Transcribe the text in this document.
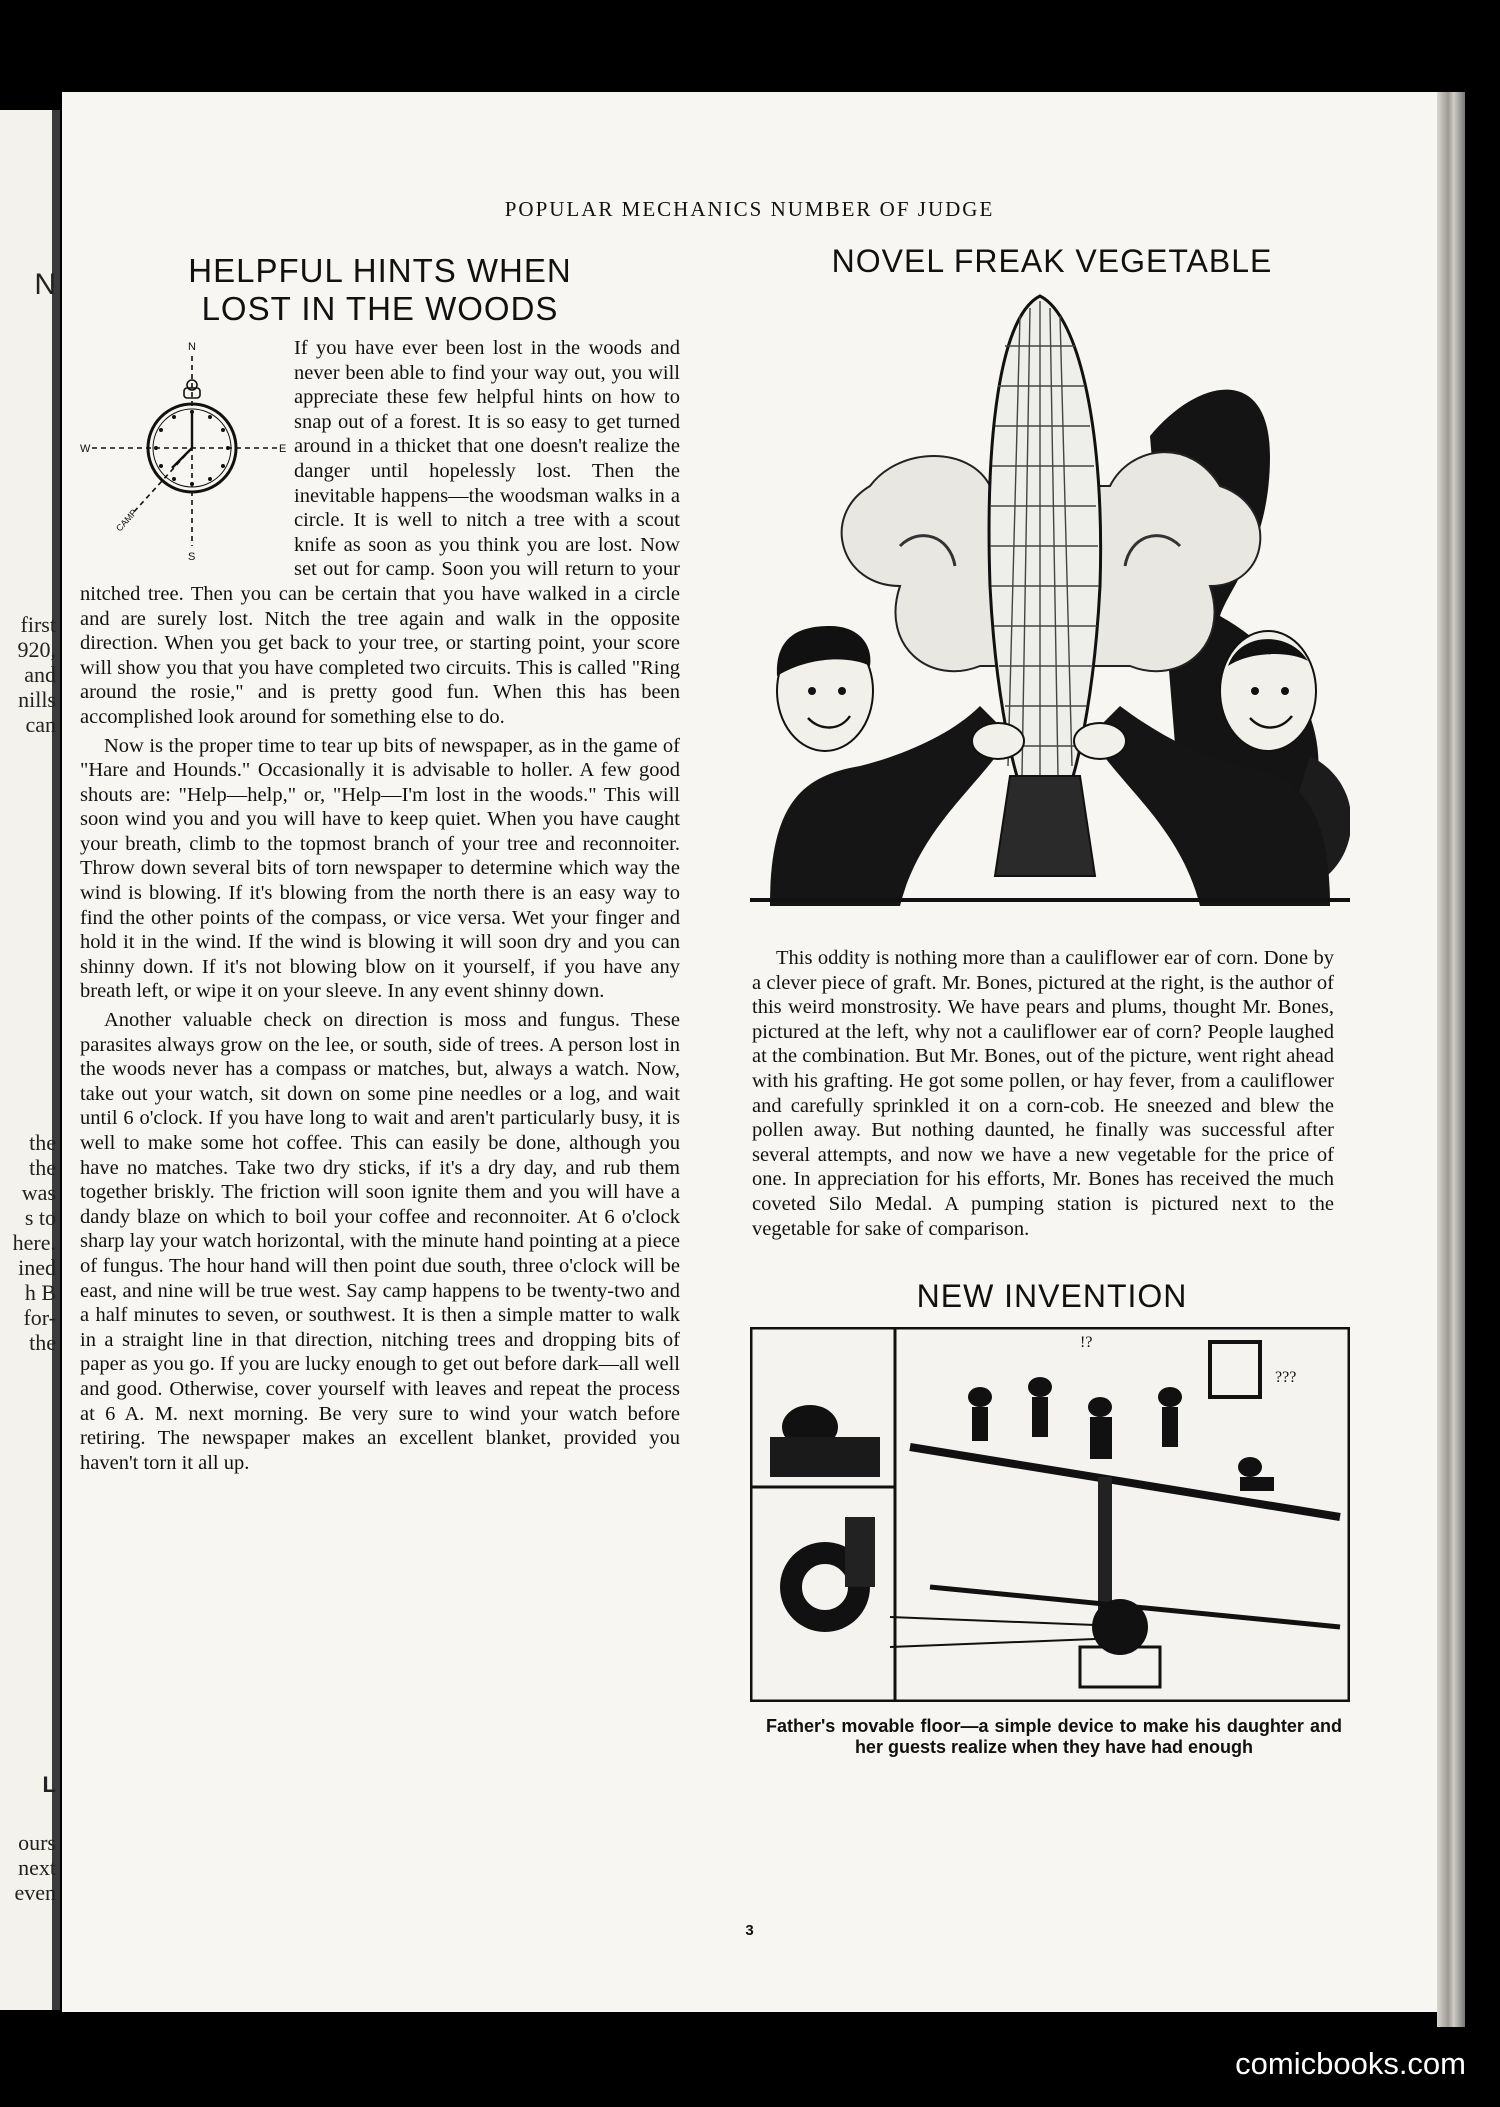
N
first
920,
and
nills
can
the
the
was
s to
here.
ined
h B
for-
the
L
ours
next
even
POPULAR MECHANICS NUMBER OF JUDGE
HELPFUL HINTS WHEN
LOST IN THE WOODS
N
S
W	E
CAMP

If you have ever been lost in the woods and never been able to find your way out, you will appreciate these few helpful hints on how to snap out of a forest. It is so easy to get turned around in a thicket that one doesn't realize the danger until hopelessly lost. Then the inevitable happens—the woodsman walks in a circle. It is well to nitch a tree with a scout knife as soon as you think you are lost. Now set out for camp. Soon you will return to your nitched tree. Then you can be certain that you have walked in a circle and are surely lost. Nitch the tree again and walk in the opposite direction. When you get back to your tree, or starting point, your score will show you that you have completed two circuits. This is called "Ring around the rosie," and is pretty good fun. When this has been accomplished look around for something else to do.

Now is the proper time to tear up bits of newspaper, as in the game of "Hare and Hounds." Occasionally it is advisable to holler. A few good shouts are: "Help—help," or, "Help—I'm lost in the woods." This will soon wind you and you will have to keep quiet. When you have caught your breath, climb to the topmost branch of your tree and reconnoiter. Throw down several bits of torn newspaper to determine which way the wind is blowing. If it's blowing from the north there is an easy way to find the other points of the compass, or vice versa. Wet your finger and hold it in the wind. If the wind is blowing it will soon dry and you can shinny down. If it's not blowing blow on it yourself, if you have any breath left, or wipe it on your sleeve. In any event shinny down.

Another valuable check on direction is moss and fungus. These parasites always grow on the lee, or south, side of trees. A person lost in the woods never has a compass or matches, but, always a watch. Now, take out your watch, sit down on some pine needles or a log, and wait until 6 o'clock. If you have long to wait and aren't particularly busy, it is well to make some hot coffee. This can easily be done, although you have no matches. Take two dry sticks, if it's a dry day, and rub them together briskly. The friction will soon ignite them and you will have a dandy blaze on which to boil your coffee and reconnoiter. At 6 o'clock sharp lay your watch horizontal, with the minute hand pointing at a piece of fungus. The hour hand will then point due south, three o'clock will be east, and nine will be true west. Say camp happens to be twenty-two and a half minutes to seven, or southwest. It is then a simple matter to walk in a straight line in that direction, nitching trees and dropping bits of paper as you go. If you are lucky enough to get out before dark—all well and good. Otherwise, cover yourself with leaves and repeat the process at 6 A. M. next morning. Be very sure to wind your watch before retiring. The newspaper makes an excellent blanket, provided you haven't torn it all up.

NOVEL FREAK VEGETABLE

This oddity is nothing more than a cauliflower ear of corn. Done by a clever piece of graft. Mr. Bones, pictured at the right, is the author of this weird monstrosity. We have pears and plums, thought Mr. Bones, pictured at the left, why not a cauliflower ear of corn? People laughed at the combination. But Mr. Bones, out of the picture, went right ahead with his grafting. He got some pollen, or hay fever, from a cauliflower and carefully sprinkled it on a corn-cob. He sneezed and blew the pollen away. But nothing daunted, he finally was successful after several attempts, and now we have a new vegetable for the price of one. In appreciation for his efforts, Mr. Bones has received the much coveted Silo Medal. A pumping station is pictured next to the vegetable for sake of comparison.

NEW INVENTION
!?
???
Father's movable floor—a simple device to make his daughter and her guests realize when they have had enough
3
comicbooks.com
